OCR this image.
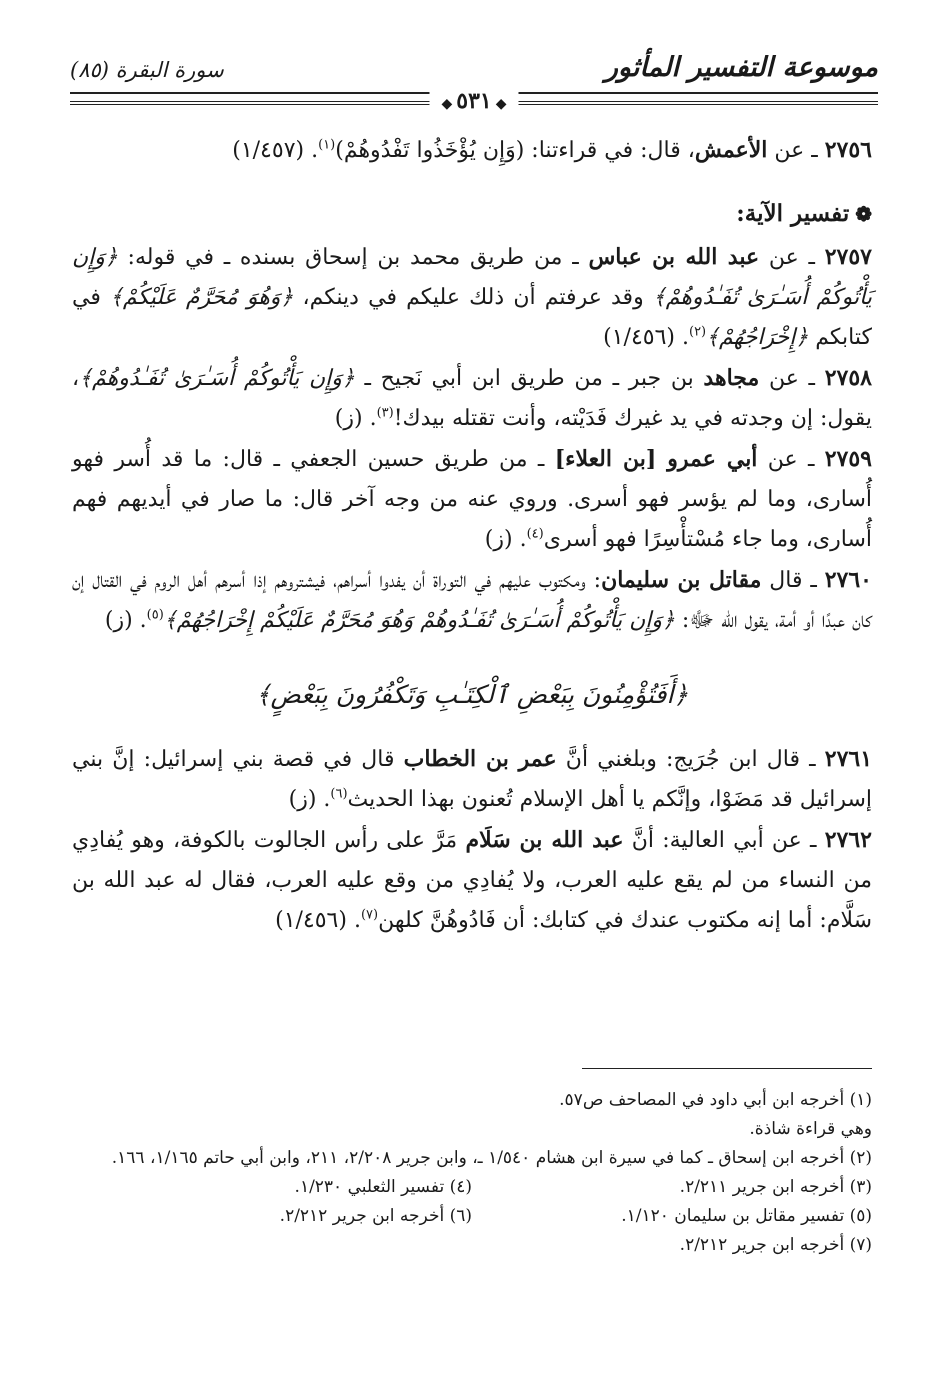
موسوعة التفسير المأثور
سورة البقرة (٨٥)
◆٥٣١◆

٢٧٥٦ ـ عن الأعمش، قال: في قراءتنا: (وَإِن يُؤْخَذُوا تَفْدُوهُمْ)$^{(١)}$. (١/٤٥٧)

❁تفسير الآية:

٢٧٥٧ ـ عن عبد الله بن عباس ـ من طريق محمد بن إسحاق بسنده ـ في قوله: ﴿وَإِن يَأْتُوكُمْ أُسَـٰرَىٰ تُفَـٰدُوهُمْ﴾ وقد عرفتم أن ذلك عليكم في دينكم، ﴿وَهُوَ مُحَرَّمٌ عَلَيْكُمْ﴾ في كتابكم ﴿إِخْرَاجُهُمْ﴾$^{(٢)}$. (١/٤٥٦)

٢٧٥٨ ـ عن مجاهد بن جبر ـ من طريق ابن أبي نَجيح ـ ﴿وَإِن يَأْتُوكُمْ أُسَـٰرَىٰ تُفَـٰدُوهُمْ﴾، يقول: إن وجدته في يد غيرك فَدَيْته، وأنت تقتله بيدك!$^{(٣)}$. (ز)

٢٧٥٩ ـ عن أبي عمرو [بن العلاء] ـ من طريق حسين الجعفي ـ قال: ما قد أُسر فهو أُسارى، وما لم يؤسر فهو أسرى. وروي عنه من وجه آخر قال: ما صار في أيديهم فهم أُسارى، وما جاء مُسْتأْسِرًا فهو أسرى$^{(٤)}$. (ز)

٢٧٦٠ ـ قال مقاتل بن سليمان: ومكتوب عليهم في التوراة أن يفدوا أسراهم، فيشتروهم إذا أسرهم أهل الروم في القتال إن كان عبدًا أو أمة، يقول الله ﷻ: ﴿وَإِن يَأْتُوكُمْ أُسَـٰرَىٰ تُفَـٰدُوهُمْ وَهُوَ مُحَرَّمٌ عَلَيْكُمْ إِخْرَاجُهُمْ﴾$^{(٥)}$. (ز)

﴿أَفَتُؤْمِنُونَ بِبَعْضِ ٱلْكِتَـٰبِ وَتَكْفُرُونَ بِبَعْضٍ﴾

٢٧٦١ ـ قال ابن جُرَيج: وبلغني أنَّ عمر بن الخطاب قال في قصة بني إسرائيل: إنَّ بني إسرائيل قد مَضَوْا، وإنَّكم يا أهل الإسلام تُعنون بهذا الحديث$^{(٦)}$. (ز)

٢٧٦٢ ـ عن أبي العالية: أنَّ عبد الله بن سَلَام مَرَّ على رأس الجالوت بالكوفة، وهو يُفادِي من النساء من لم يقع عليه العرب، ولا يُفادِي من وقع عليه العرب، فقال له عبد الله بن سَلَّام: أما إنه مكتوب عندك في كتابك: أن فَادُوهُنَّ كلهن$^{(٧)}$. (١/٤٥٦)

(١) أخرجه ابن أبي داود في المصاحف ص٥٧.

وهي قراءة شاذة.

(٢) أخرجه ابن إسحاق ـ كما في سيرة ابن هشام ١/٥٤٠ ـ، وابن جرير ٢/٢٠٨، ٢١١، وابن أبي حاتم ١/١٦٥، ١٦٦.

(٣) أخرجه ابن جرير ٢/٢١١.
(٤) تفسير الثعلبي ١/٢٣٠.
(٥) تفسير مقاتل بن سليمان ١/١٢٠.
(٦) أخرجه ابن جرير ٢/٢١٢.

(٧) أخرجه ابن جرير ٢/٢١٢.
